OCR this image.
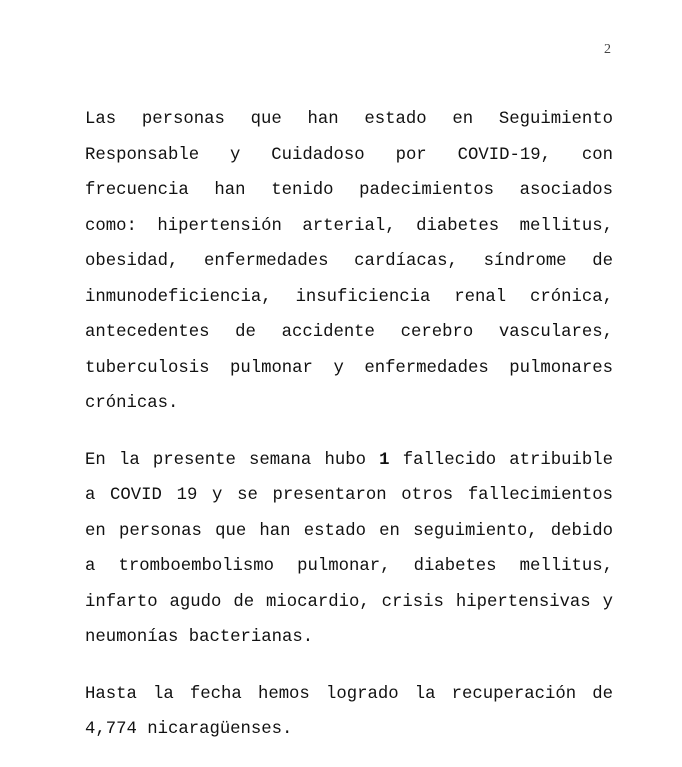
2

Las personas que han estado en Seguimiento Responsable y Cuidadoso por COVID-19, con frecuencia han tenido padecimientos asociados como: hipertensión arterial, diabetes mellitus, obesidad, enfermedades cardíacas, síndrome de inmunodeficiencia, insuficiencia renal crónica, antecedentes de accidente cerebro vasculares, tuberculosis pulmonar y enfermedades pulmonares crónicas.

En la presente semana hubo 1 fallecido atribuible a COVID 19 y se presentaron otros fallecimientos en personas que han estado en seguimiento, debido a tromboembolismo pulmonar, diabetes mellitus, infarto agudo de miocardio, crisis hipertensivas y neumonías bacterianas.

Hasta la fecha hemos logrado la recuperación de 4,774 nicaragüenses.
